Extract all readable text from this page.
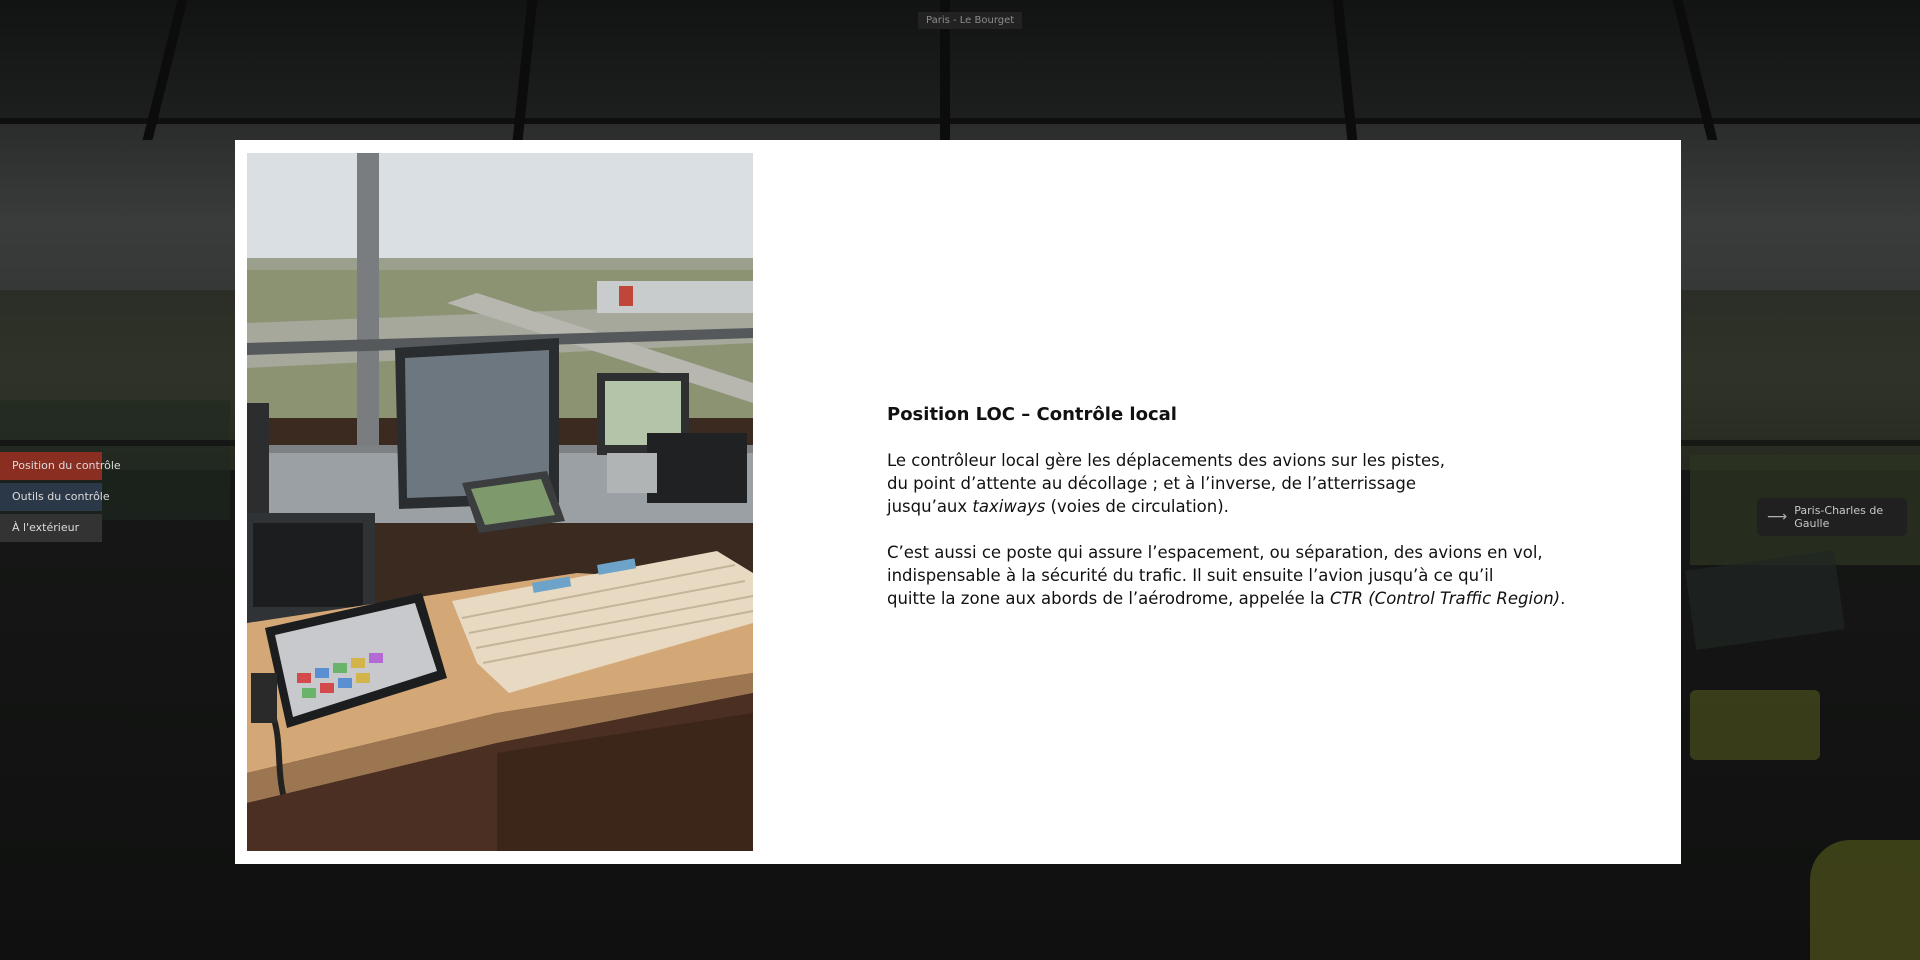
Paris - Le Bourget
Position du contrôle
Outils du contrôle
À l'extérieur
⟶ Paris-Charles de Gaulle
Position LOC – Contrôle local

Le contrôleur local gère les déplacements des avions sur les pistes,
du point d’attente au décollage ; et à l’inverse, de l’atterrissage
jusqu’aux taxiways (voies de circulation).

C’est aussi ce poste qui assure l’espacement, ou séparation, des avions en vol,
indispensable à la sécurité du trafic. Il suit ensuite l’avion jusqu’à ce qu’il
quitte la zone aux abords de l’aérodrome, appelée la CTR (Control Traffic Region).
